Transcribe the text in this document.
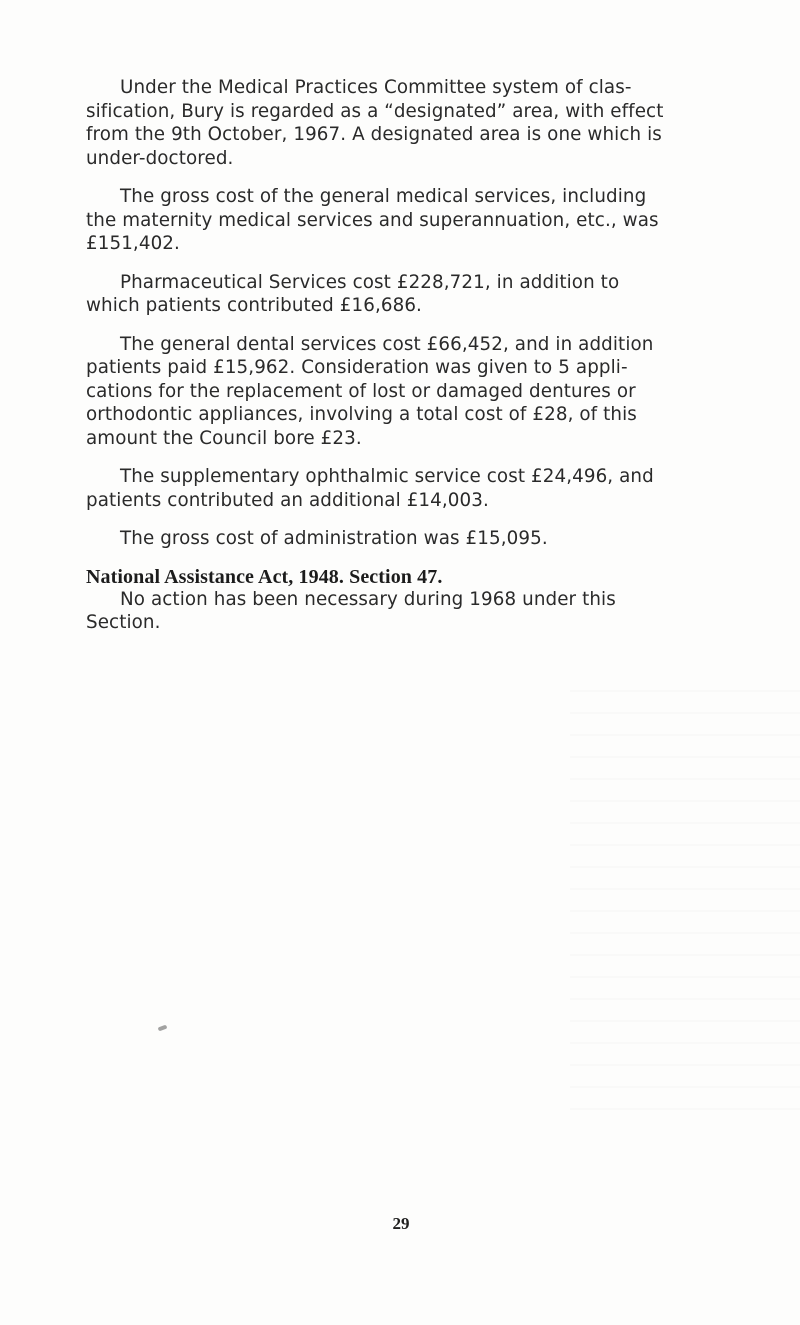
Under the Medical Practices Committee system of classification, Bury is regarded as a “designated” area, with effect from the 9th October, 1967. A designated area is one which is under-doctored.

The gross cost of the general medical services, including the maternity medical services and superannuation, etc., was £151,402.

Pharmaceutical Services cost £228,721, in addition to which patients contributed £16,686.

The general dental services cost £66,452, and in addition patients paid £15,962. Consideration was given to 5 applications for the replacement of lost or damaged dentures or orthodontic appliances, involving a total cost of £28, of this amount the Council bore £23.

The supplementary ophthalmic service cost £24,496, and patients contributed an additional £14,003.

The gross cost of administration was £15,095.

National Assistance Act, 1948. Section 47.

No action has been necessary during 1968 under this Section.

29
